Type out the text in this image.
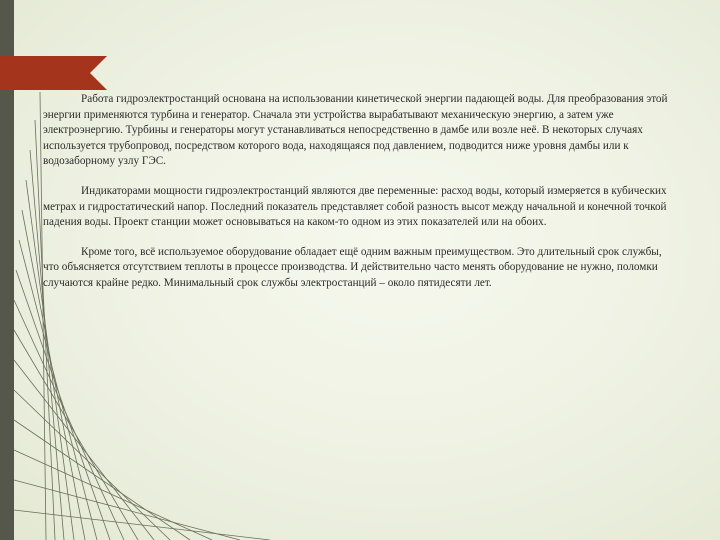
Работа гидроэлектростанций основана на использовании кинетической энергии падающей воды. Для преобразования этой энергии применяются турбина и генератор. Сначала эти устройства вырабатывают механическую энергию, а затем уже электроэнергию. Турбины и генераторы могут устанавливаться непосредственно в дамбе или возле неё. В некоторых случаях используется трубопровод, посредством которого вода, находящаяся под давлением, подводится ниже уровня дамбы или к водозаборному узлу ГЭС.

Индикаторами мощности гидроэлектростанций являются две переменные: расход воды, который измеряется в кубических метрах и гидростатический напор. Последний показатель представляет собой разность высот между начальной и конечной точкой падения воды. Проект станции может основываться на каком-то одном из этих показателей или на обоих.

Кроме того, всё используемое оборудование обладает ещё одним важным преимуществом. Это длительный срок службы, что объясняется отсутствием теплоты в процессе производства. И действительно часто менять оборудование не нужно, поломки случаются крайне редко. Минимальный срок службы электростанций – около пятидесяти лет.
